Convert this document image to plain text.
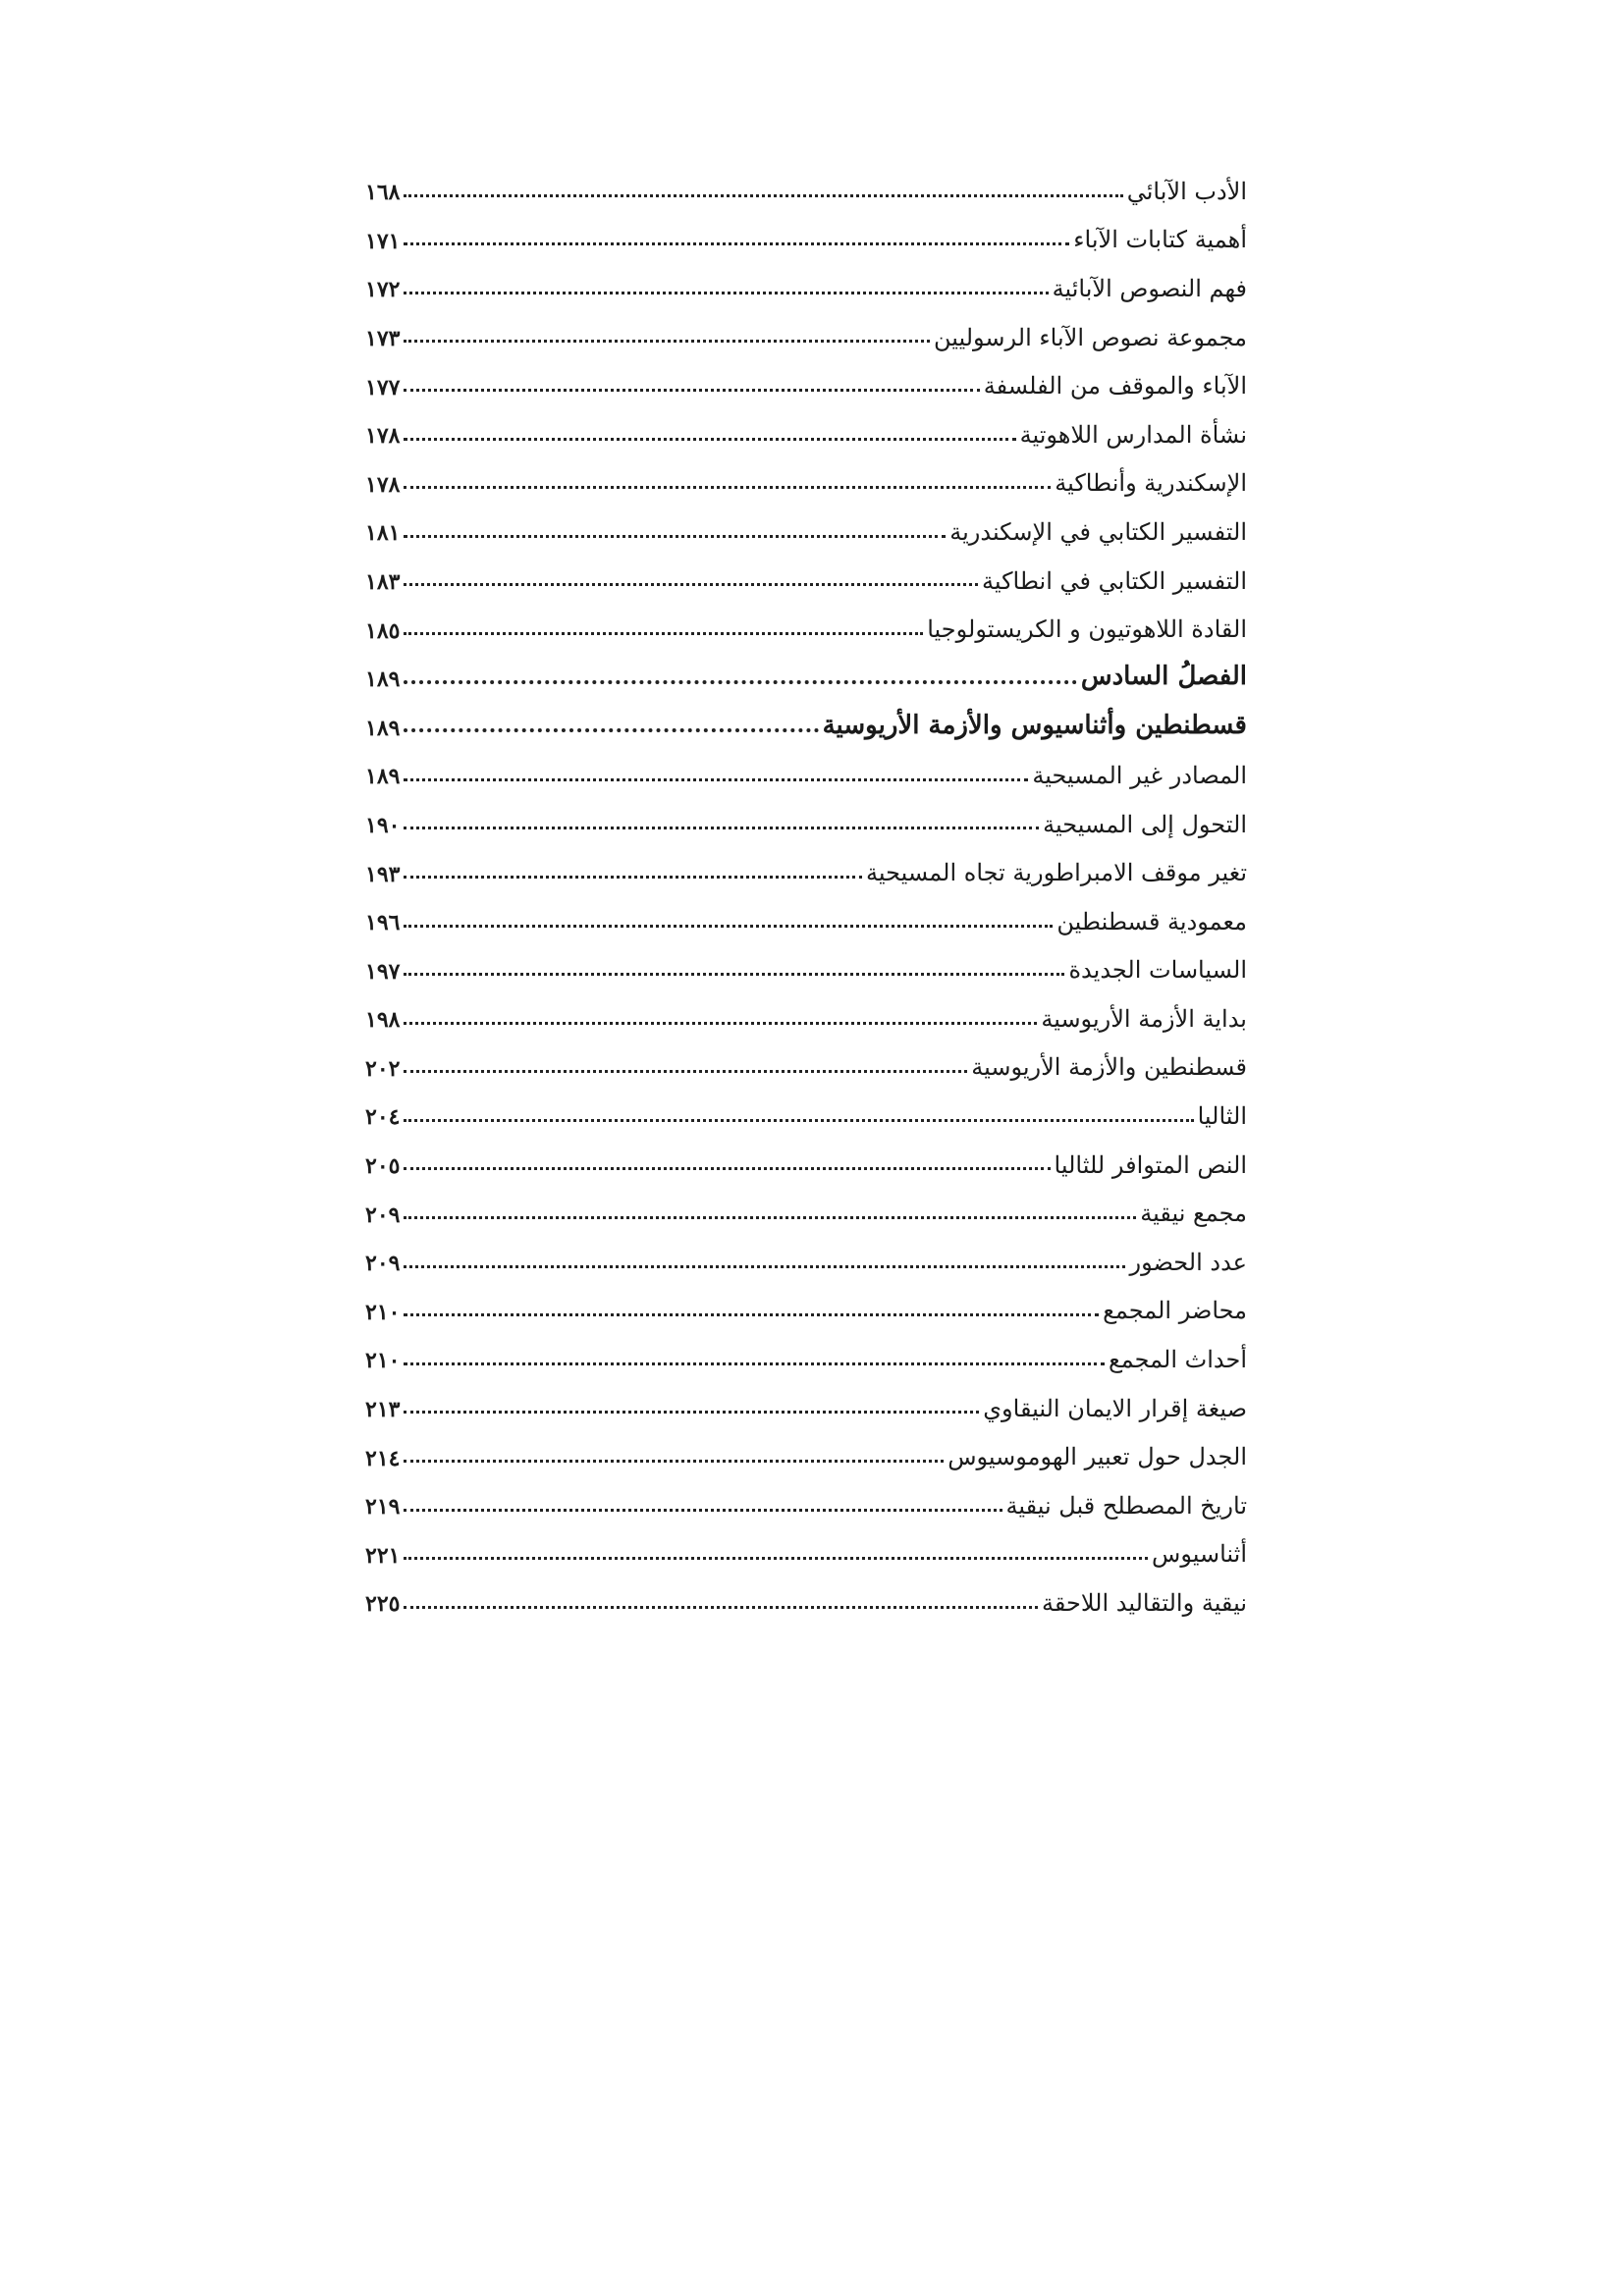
الأدب الآبائي
١٦٨
أهمية كتابات الآباء
١٧١
فهم النصوص الآبائية
١٧٢
مجموعة نصوص الآباء الرسوليين
١٧٣
الآباء والموقف من الفلسفة
١٧٧
نشأة المدارس اللاهوتية
١٧٨
الإسكندرية وأنطاكية
١٧٨
التفسير الكتابي في الإسكندرية
١٨١
التفسير الكتابي في انطاكية
١٨٣
القادة اللاهوتيون و الكريستولوجيا
١٨٥
الفصلُ السادس
١٨٩
قسطنطين وأثناسيوس والأزمة الأريوسية
١٨٩
المصادر غير المسيحية
١٨٩
التحول إلى المسيحية
١٩٠
تغير موقف الامبراطورية تجاه المسيحية
١٩٣
معمودية قسطنطين
١٩٦
السياسات الجديدة
١٩٧
بداية الأزمة الأريوسية
١٩٨
قسطنطين والأزمة الأريوسية
٢٠٢
الثاليا
٢٠٤
النص المتوافر للثاليا
٢٠٥
مجمع نيقية
٢٠٩
عدد الحضور
٢٠٩
محاضر المجمع
٢١٠
أحداث المجمع
٢١٠
صيغة إقرار الايمان النيقاوي
٢١٣
الجدل حول تعبير الهوموسيوس
٢١٤
تاريخ المصطلح قبل نيقية
٢١٩
أثناسيوس
٢٢١
نيقية والتقاليد اللاحقة
٢٢٥
